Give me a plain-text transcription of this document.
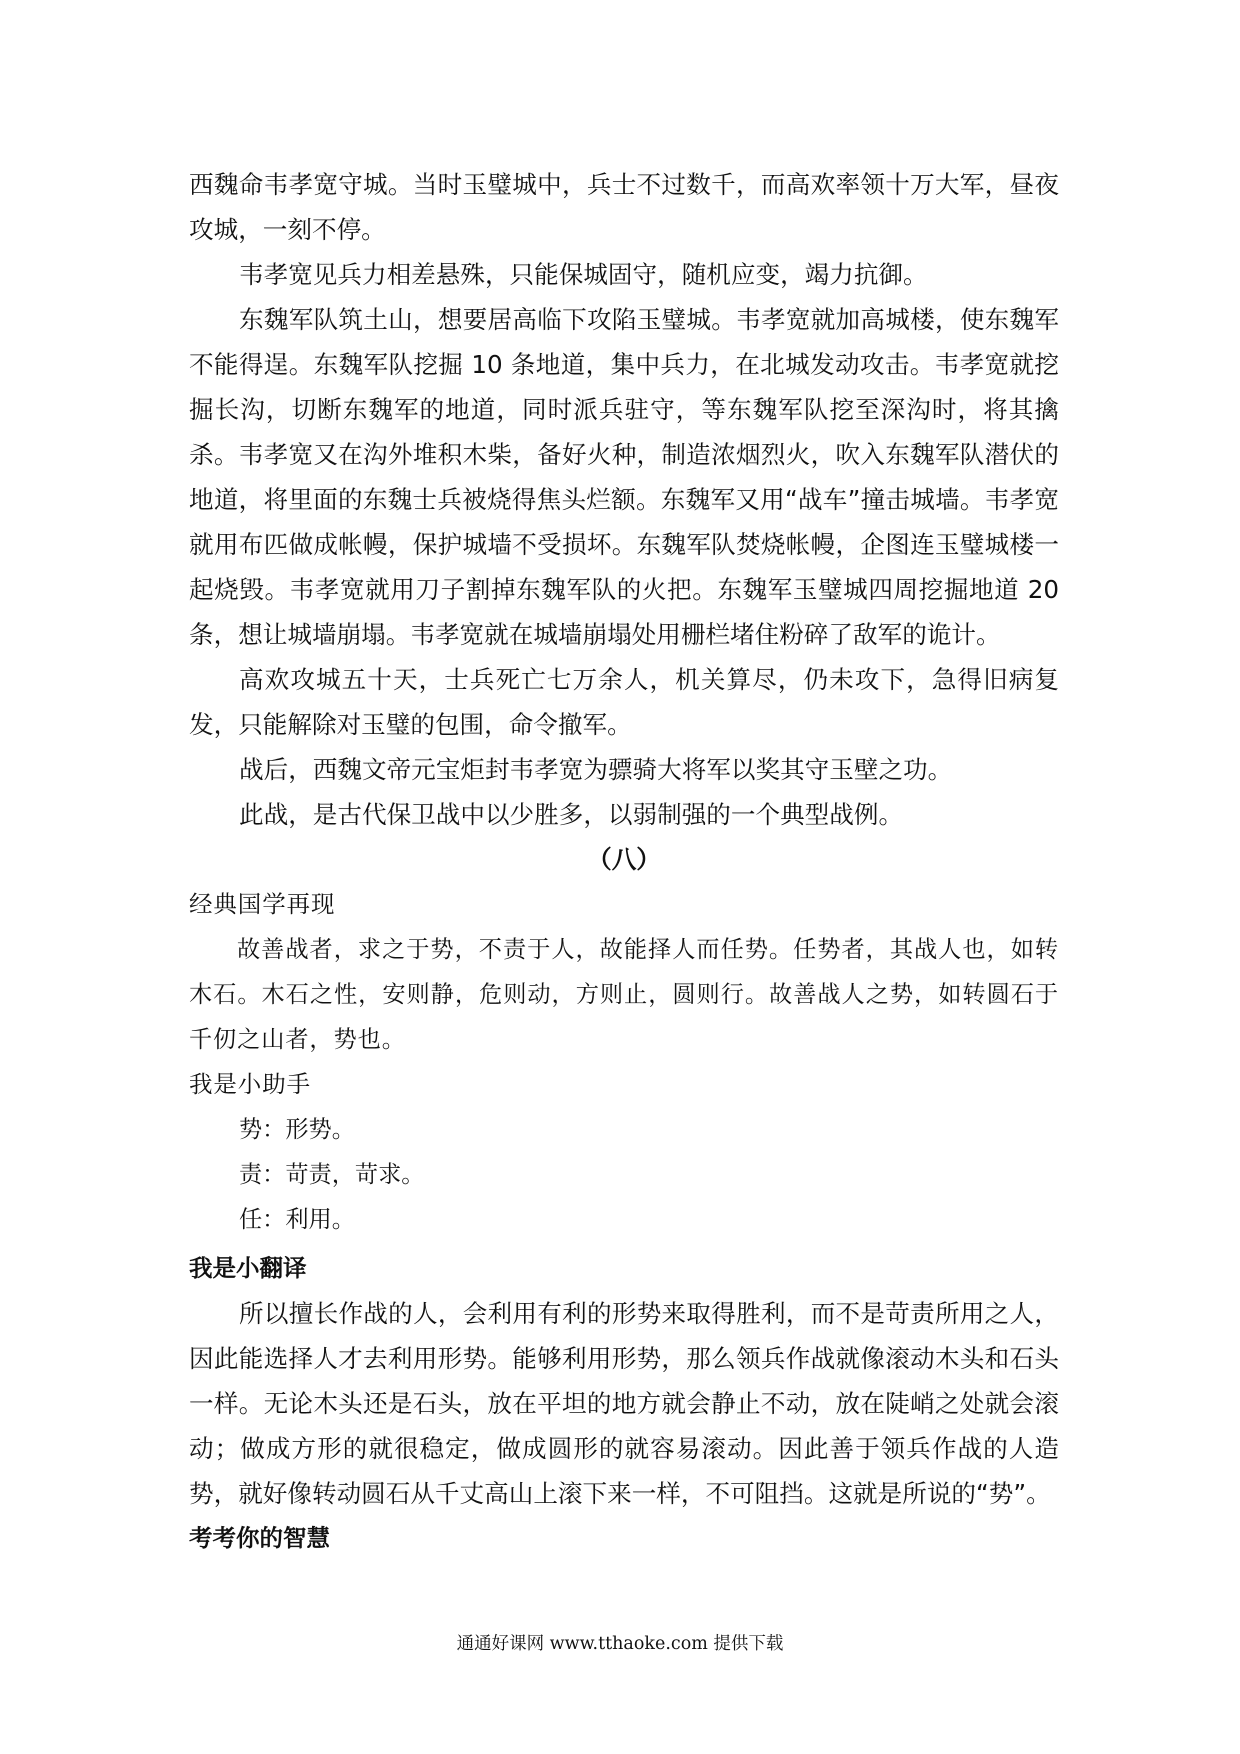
西魏命韦孝宽守城。当时玉璧城中，兵士不过数千，而高欢率领十万大军，昼夜攻城，一刻不停。

韦孝宽见兵力相差悬殊，只能保城固守，随机应变，竭力抗御。

东魏军队筑土山，想要居高临下攻陷玉璧城。韦孝宽就加高城楼，使东魏军不能得逞。东魏军队挖掘 10 条地道，集中兵力，在北城发动攻击。韦孝宽就挖掘长沟，切断东魏军的地道，同时派兵驻守，等东魏军队挖至深沟时，将其擒杀。韦孝宽又在沟外堆积木柴，备好火种，制造浓烟烈火，吹入东魏军队潜伏的地道，将里面的东魏士兵被烧得焦头烂额。东魏军又用“战车”撞击城墙。韦孝宽就用布匹做成帐幔，保护城墙不受损坏。东魏军队焚烧帐幔，企图连玉璧城楼一起烧毁。韦孝宽就用刀子割掉东魏军队的火把。东魏军玉璧城四周挖掘地道 20 条，想让城墙崩塌。韦孝宽就在城墙崩塌处用栅栏堵住粉碎了敌军的诡计。

高欢攻城五十天，士兵死亡七万余人，机关算尽，仍未攻下，急得旧病复发，只能解除对玉璧的包围，命令撤军。

战后，西魏文帝元宝炬封韦孝宽为骠骑大将军以奖其守玉壁之功。

此战，是古代保卫战中以少胜多，以弱制强的一个典型战例。

（八）

经典国学再现

故善战者，求之于势，不责于人，故能择人而任势。任势者，其战人也，如转木石。木石之性，安则静，危则动，方则止，圆则行。故善战人之势，如转圆石于千仞之山者，势也。

我是小助手

势：形势。

责：苛责，苛求。

任：利用。

我是小翻译

所以擅长作战的人，会利用有利的形势来取得胜利，而不是苛责所用之人，因此能选择人才去利用形势。能够利用形势，那么领兵作战就像滚动木头和石头一样。无论木头还是石头，放在平坦的地方就会静止不动，放在陡峭之处就会滚动；做成方形的就很稳定，做成圆形的就容易滚动。因此善于领兵作战的人造势，就好像转动圆石从千丈高山上滚下来一样，不可阻挡。这就是所说的“势”。

考考你的智慧

通通好课网 www.tthaoke.com 提供下载
